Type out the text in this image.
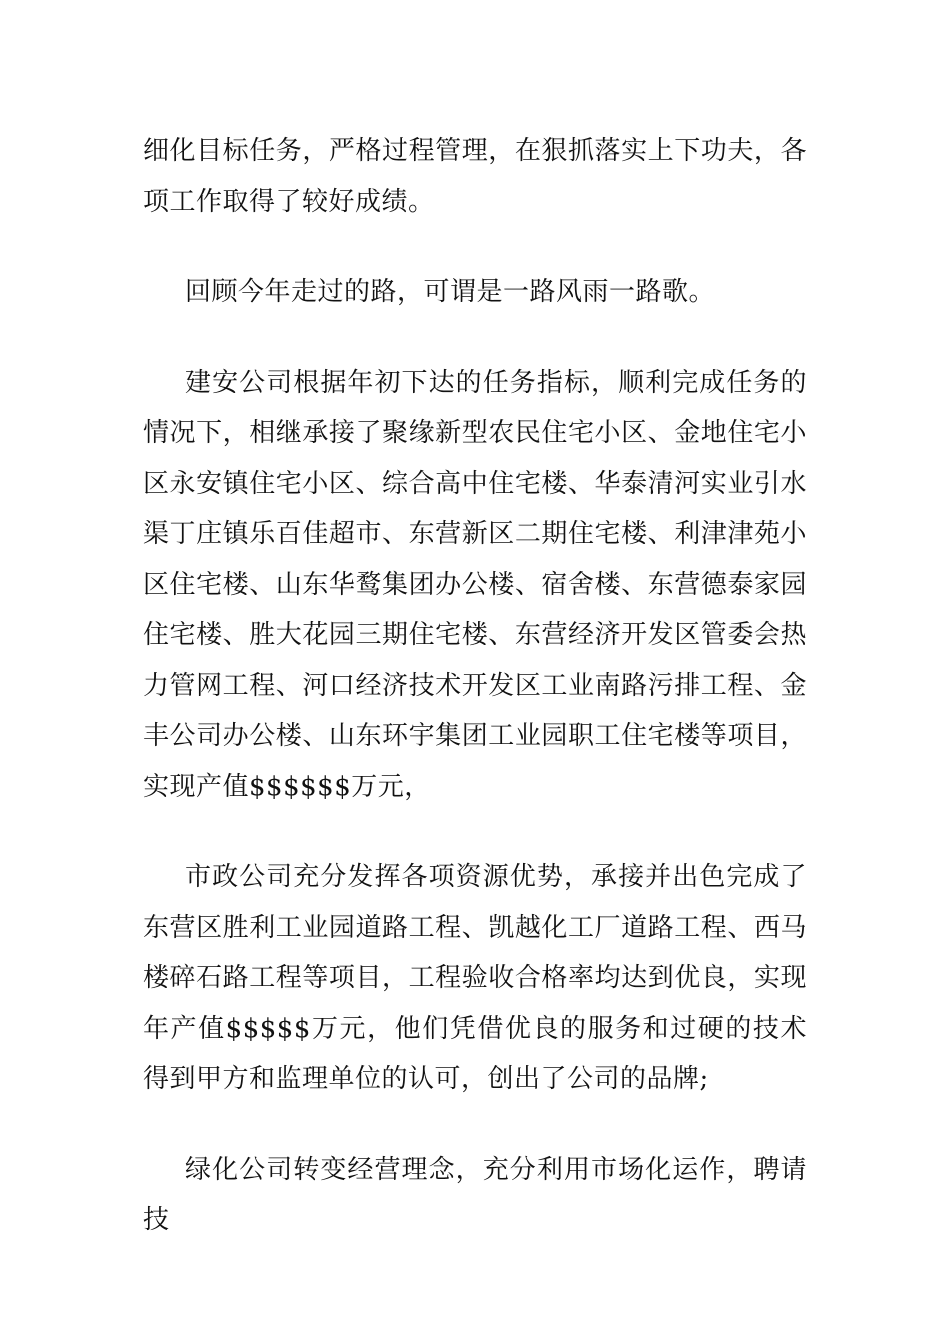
细化目标任务，严格过程管理，在狠抓落实上下功夫，各项工作取得了较好成绩。

回顾今年走过的路，可谓是一路风雨一路歌。

建安公司根据年初下达的任务指标，顺利完成任务的情况下，相继承接了聚缘新型农民住宅小区、金地住宅小区永安镇住宅小区、综合高中住宅楼、华泰清河实业引水渠丁庄镇乐百佳超市、东营新区二期住宅楼、利津津苑小区住宅楼、山东华鹜集团办公楼、宿舍楼、东营德泰家园住宅楼、胜大花园三期住宅楼、东营经济开发区管委会热力管网工程、河口经济技术开发区工业南路污排工程、金丰公司办公楼、山东环宇集团工业园职工住宅楼等项目，实现产值$$$$$$万元，

市政公司充分发挥各项资源优势，承接并出色完成了东营区胜利工业园道路工程、凯越化工厂道路工程、西马楼碎石路工程等项目，工程验收合格率均达到优良，实现年产值$$$$$万元，他们凭借优良的服务和过硬的技术得到甲方和监理单位的认可，创出了公司的品牌;

绿化公司转变经营理念，充分利用市场化运作，聘请技
